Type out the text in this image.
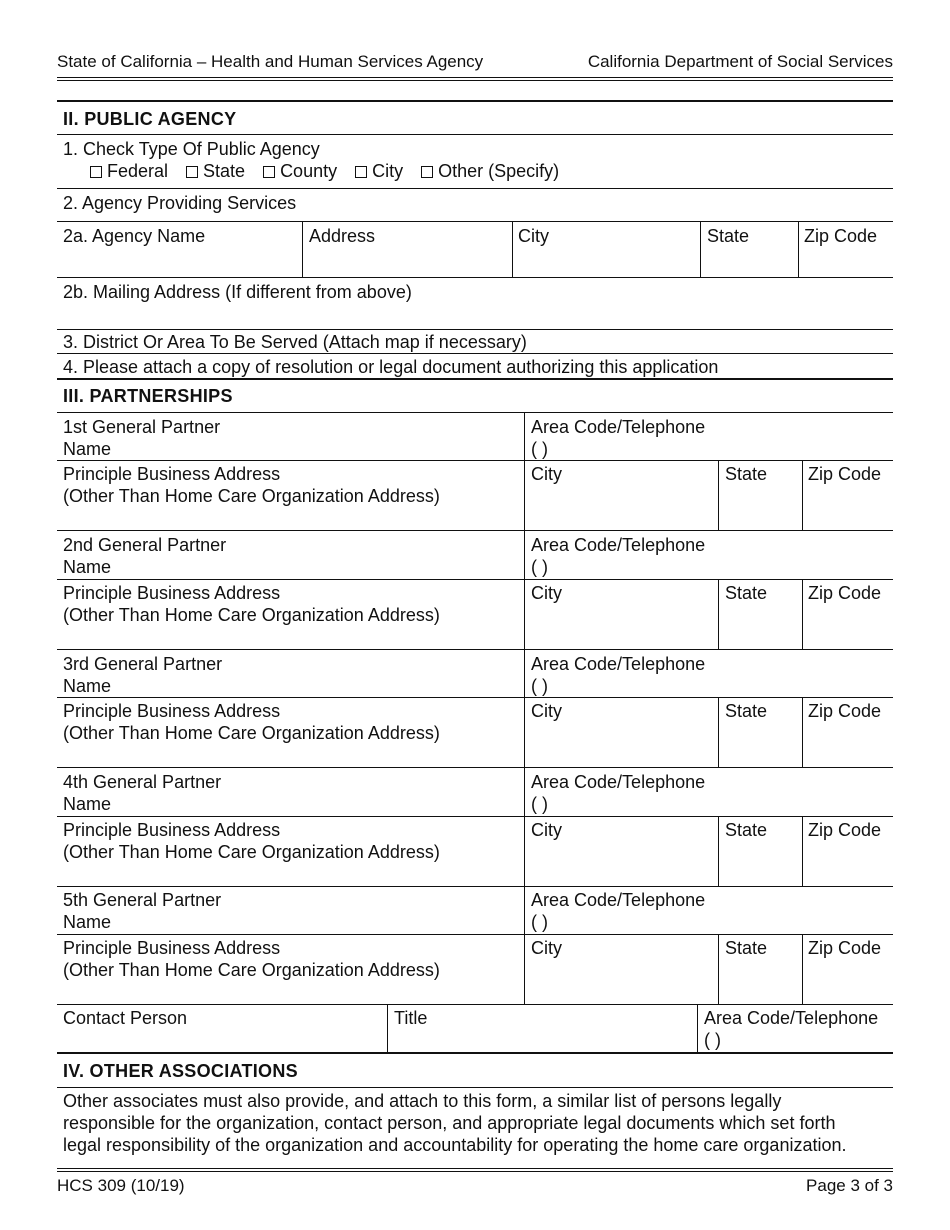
State of California – Health and Human Services Agency	California Department of Social Services
II. PUBLIC AGENCY
1. Check Type Of Public Agency
Federal State County City Other (Specify)
2. Agency Providing Services
2a. Agency Name	Address	City	State	Zip Code
2b. Mailing Address (If different from above)
3. District Or Area To Be Served (Attach map if necessary)
4. Please attach a copy of resolution or legal document authorizing this application
III. PARTNERSHIPS
1st General Partner
Name
Area Code/Telephone
( )
Principle Business Address
(Other Than Home Care Organization Address)
City	State Zip Code
2nd General Partner
Name
Area Code/Telephone
( )
Principle Business Address
(Other Than Home Care Organization Address)
City	State Zip Code
3rd General Partner
Name
Area Code/Telephone
( )
Principle Business Address
(Other Than Home Care Organization Address)
City	State Zip Code
4th General Partner
Name
Area Code/Telephone
( )
Principle Business Address
(Other Than Home Care Organization Address)
City	State Zip Code
5th General Partner
Name
Area Code/Telephone
( )
Principle Business Address
(Other Than Home Care Organization Address)
City	State Zip Code
Contact Person	Title	Area Code/Telephone
( )
IV. OTHER ASSOCIATIONS
Other associates must also provide, and attach to this form, a similar list of persons legally
responsible for the organization, contact person, and appropriate legal documents which set forth
legal responsibility of the organization and accountability for operating the home care organization.
HCS 309 (10/19)	Page 3 of 3
